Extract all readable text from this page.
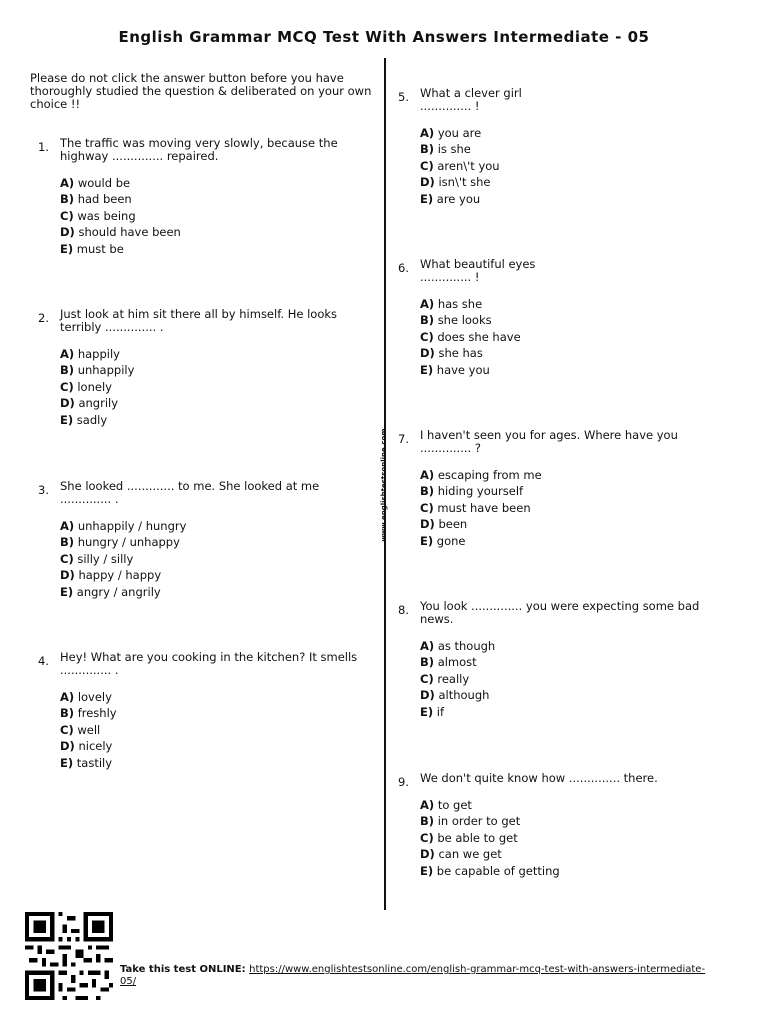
English Grammar MCQ Test With Answers Intermediate - 05
www.englishtestsonline.com
Please do not click the answer button before you have thoroughly studied the question & deliberated on your own choice !!
1. The traffic was moving very slowly, because the highway .............. repaired.
A) would be
B) had been
C) was being
D) should have been
E) must be
2. Just look at him sit there all by himself. He looks terribly .............. .
A) happily
B) unhappily
C) lonely
D) angrily
E) sadly
3. She looked ............. to me. She looked at me .............. .
A) unhappily / hungry
B) hungry / unhappy
C) silly / silly
D) happy / happy
E) angry / angrily
4. Hey! What are you cooking in the kitchen? It smells .............. .
A) lovely
B) freshly
C) well
D) nicely
E) tastily
5. What a clever girl .............. !
A) you are
B) is she
C) aren\'t you
D) isn\'t she
E) are you
6. What beautiful eyes .............. !
A) has she
B) she looks
C) does she have
D) she has
E) have you
7. I haven't seen you for ages. Where have you .............. ?
A) escaping from me
B) hiding yourself
C) must have been
D) been
E) gone
8. You look .............. you were expecting some bad news.
A) as though
B) almost
C) really
D) although
E) if
9. We don't quite know how .............. there.
A) to get
B) in order to get
C) be able to get
D) can we get
E) be capable of getting
Take this test ONLINE: https://www.englishtestsonline.com/english-grammar-mcq-test-with-answers-intermediate-05/
